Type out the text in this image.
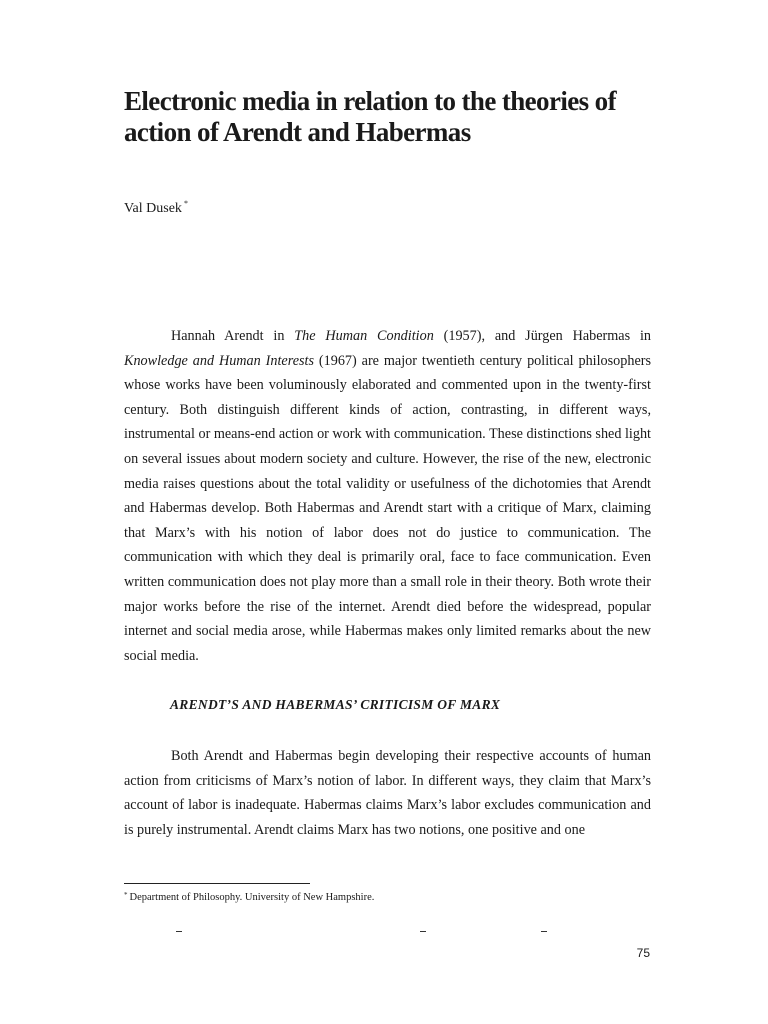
Electronic media in relation to the theories of action of Arendt and Habermas
Val Dusek *

Hannah Arendt in The Human Condition (1957), and Jürgen Habermas in Knowledge and Human Interests (1967) are major twentieth century political philosophers whose works have been voluminously elaborated and commented upon in the twenty-first century. Both distinguish different kinds of action, contrasting, in different ways, instrumental or means-end action or work with communication. These distinctions shed light on several issues about modern society and culture. However, the rise of the new, electronic media raises questions about the total validity or usefulness of the dichotomies that Arendt and Habermas develop. Both Habermas and Arendt start with a critique of Marx, claiming that Marx’s with his notion of labor does not do justice to communication. The communication with which they deal is primarily oral, face to face communication. Even written communication does not play more than a small role in their theory. Both wrote their major works before the rise of the internet. Arendt died before the widespread, popular internet and social media arose, while Habermas makes only limited remarks about the new social media.

ARENDT’S AND HABERMAS’ CRITICISM OF MARX

Both Arendt and Habermas begin developing their respective accounts of human action from criticisms of Marx’s notion of labor. In different ways, they claim that Marx’s account of labor is inadequate. Habermas claims Marx’s labor excludes communication and is purely instrumental. Arendt claims Marx has two notions, one positive and one

* Department of Philosophy. University of New Hampshire.
75
